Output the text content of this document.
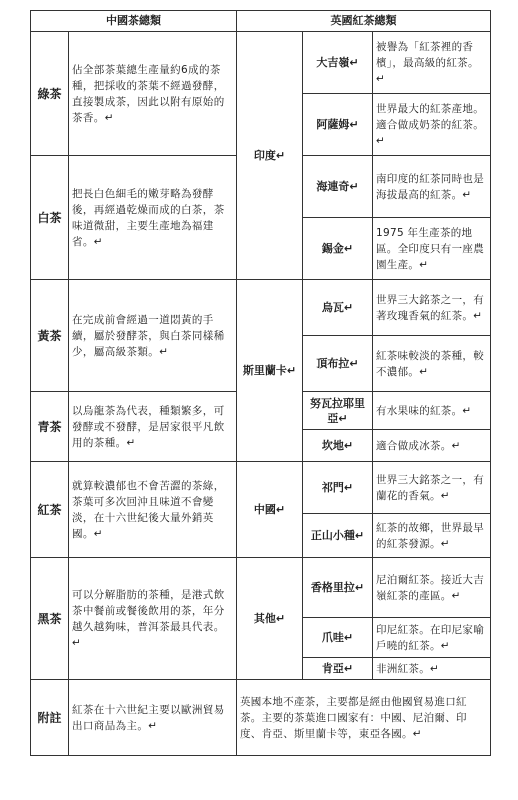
中國茶總類		英國紅茶總類		
綠茶	佔全部茶葉總生產量約6成的茶種，把採收的茶葉不經過發酵，直接製成茶，因此以附有原始的茶香。↵	印度↵	大吉嶺↵	被譽為「紅茶裡的香檳」，最高級的紅茶。↵
			阿薩姆↵	世界最大的紅茶產地。適合做成奶茶的紅茶。↵
白茶	把長白色細毛的嫩芽略為發酵後，再經過乾燥而成的白茶，茶味道微甜，主要生產地為福建省。↵		海連奇↵	南印度的紅茶同時也是海拔最高的紅茶。↵
			錫金↵	1975 年生產茶的地區。全印度只有一座農園生產。↵
黃茶	在完成前會經過一道悶黃的手續，屬於發酵茶，與白茶同樣稀少，屬高級茶類。↵	斯里蘭卡↵	烏瓦↵	世界三大銘茶之一，有著玫瑰香氣的紅茶。↵
			頂布拉↵	紅茶味較淡的茶種，較不濃郁。↵
青茶	以烏龍茶為代表，種類繁多，可發酵或不發酵，是居家很平凡飲用的茶種。↵		努瓦拉耶里亞↵	有水果味的紅茶。↵
			坎地↵	適合做成冰茶。↵
紅茶	就算較濃郁也不會苦澀的茶綠，茶葉可多次回沖且味道不會變淡，在十六世紀後大量外銷英國。↵	中國↵	祁門↵	世界三大銘茶之一，有蘭花的香氣。↵
			正山小種↵	紅茶的故鄉，世界最早的紅茶發源。↵
黑茶	可以分解脂肪的茶種，是港式飲茶中餐前或餐後飲用的茶，年分越久越夠味，普洱茶最具代表。↵	其他↵	香格里拉↵	尼泊爾紅茶。接近大吉嶺紅茶的產區。↵
			爪哇↵	印尼紅茶。在印尼家喻戶曉的紅茶。↵
			肯亞↵	非洲紅茶。↵
附註	紅茶在十六世紀主要以歐洲貿易出口商品為主。↵	英國本地不產茶，主要都是經由他國貿易進口紅茶。主要的茶葉進口國家有：中國、尼泊爾、印度、肯亞、斯里蘭卡等，東亞各國。↵		
